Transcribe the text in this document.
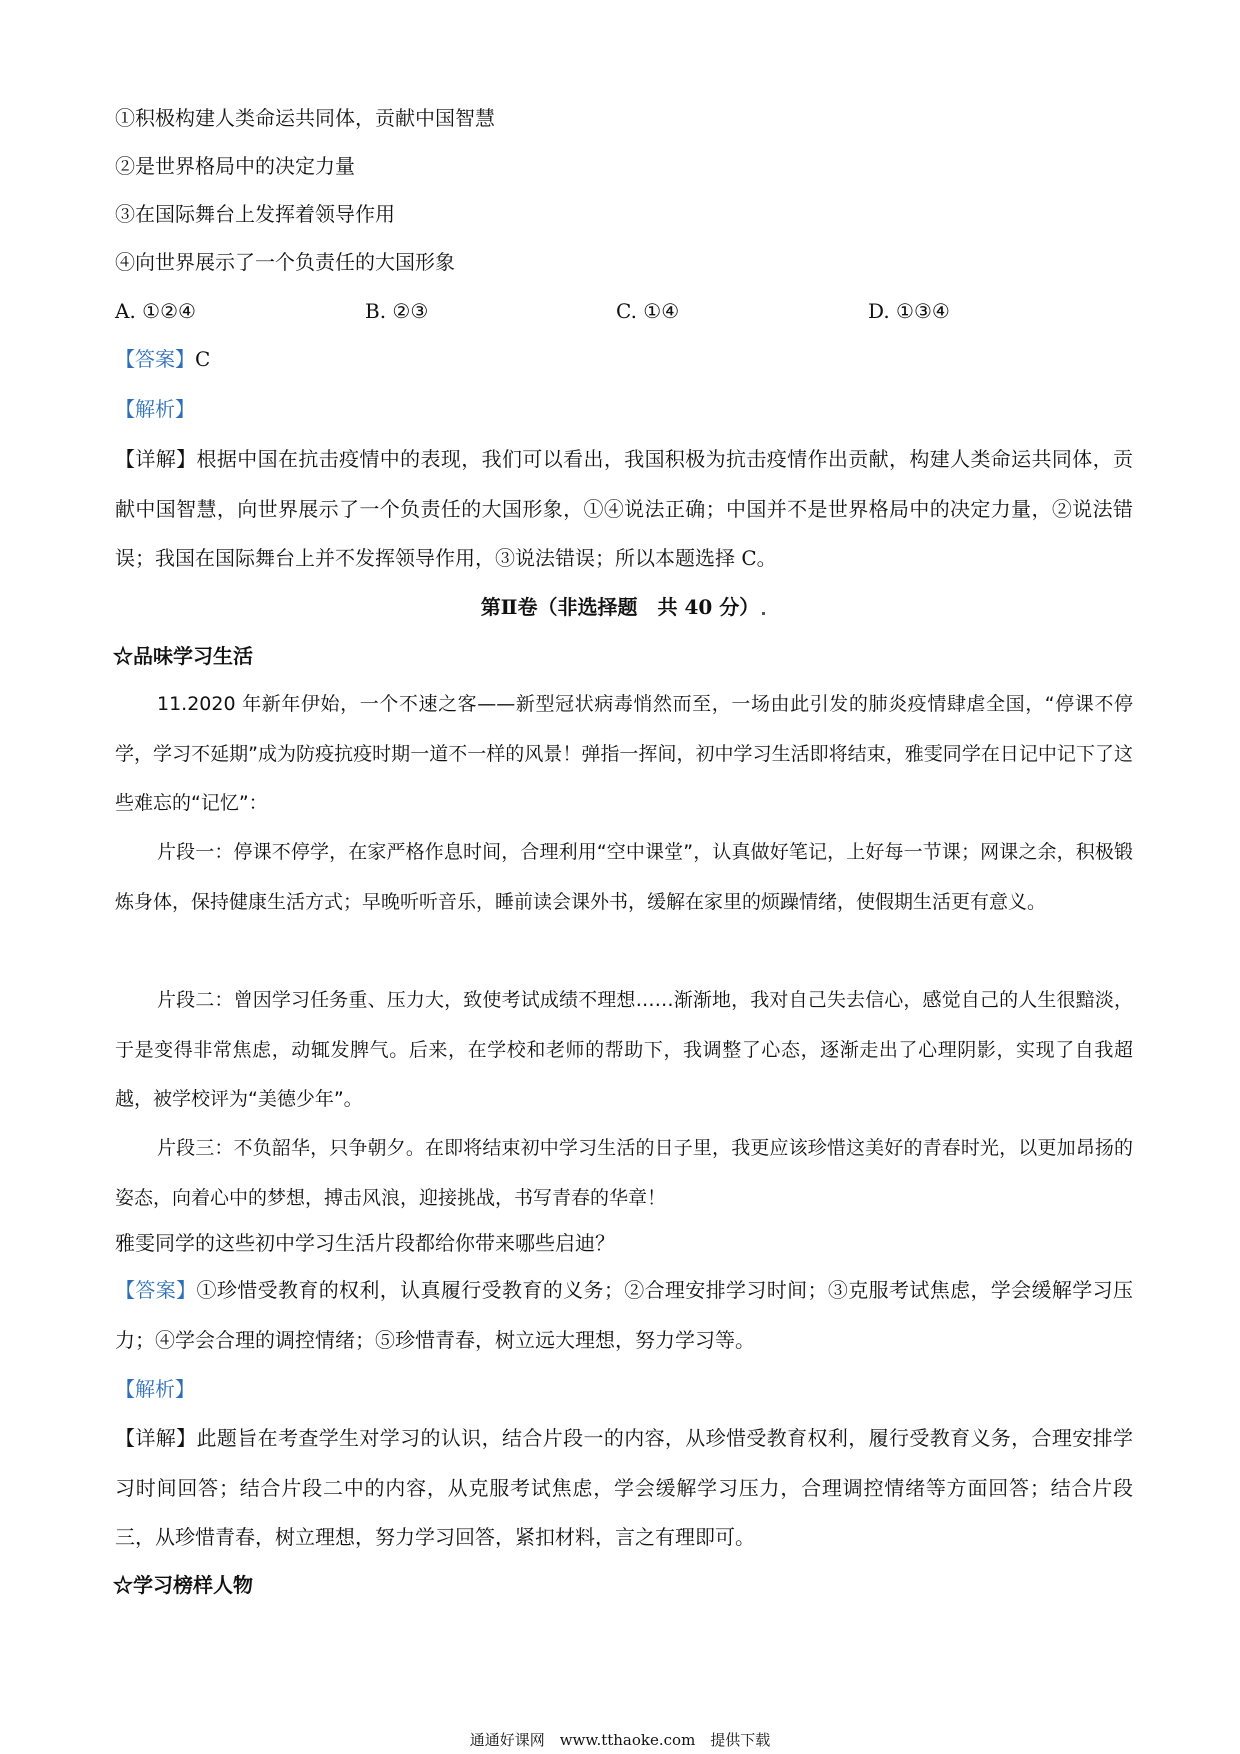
①积极构建人类命运共同体，贡献中国智慧
②是世界格局中的决定力量
③在国际舞台上发挥着领导作用
④向世界展示了一个负责任的大国形象
A. ①②④	B. ②③	C. ①④	D. ①③④
【答案】C
【解析】
【详解】根据中国在抗击疫情中的表现，我们可以看出，我国积极为抗击疫情作出贡献，构建人类命运共同体，贡献中国智慧，向世界展示了一个负责任的大国形象，①④说法正确；中国并不是世界格局中的决定力量，②说法错误；我国在国际舞台上并不发挥领导作用，③说法错误；所以本题选择 C。
第Ⅱ卷（非选择题　共 40 分）
☆品味学习生活
11.2020 年新年伊始，一个不速之客——新型冠状病毒悄然而至，一场由此引发的肺炎疫情肆虐全国，“停课不停学，学习不延期”成为防疫抗疫时期一道不一样的风景！弹指一挥间，初中学习生活即将结束，雅雯同学在日记中记下了这些难忘的“记忆”：
片段一：停课不停学，在家严格作息时间，合理利用“空中课堂”，认真做好笔记，上好每一节课；网课之余，积极锻炼身体，保持健康生活方式；早晚听听音乐，睡前读会课外书，缓解在家里的烦躁情绪，使假期生活更有意义。
片段二：曾因学习任务重、压力大，致使考试成绩不理想……渐渐地，我对自己失去信心，感觉自己的人生很黯淡，于是变得非常焦虑，动辄发脾气。后来，在学校和老师的帮助下，我调整了心态，逐渐走出了心理阴影，实现了自我超越，被学校评为“美德少年”。
片段三：不负韶华，只争朝夕。在即将结束初中学习生活的日子里，我更应该珍惜这美好的青春时光，以更加昂扬的姿态，向着心中的梦想，搏击风浪，迎接挑战，书写青春的华章！
雅雯同学的这些初中学习生活片段都给你带来哪些启迪？
【答案】①珍惜受教育的权利，认真履行受教育的义务；②合理安排学习时间；③克服考试焦虑，学会缓解学习压力；④学会合理的调控情绪；⑤珍惜青春，树立远大理想，努力学习等。
【解析】
【详解】此题旨在考查学生对学习的认识，结合片段一的内容，从珍惜受教育权利，履行受教育义务，合理安排学习时间回答；结合片段二中的内容，从克服考试焦虑，学会缓解学习压力，合理调控情绪等方面回答；结合片段三，从珍惜青春，树立理想，努力学习回答，紧扣材料，言之有理即可。
☆学习榜样人物
通通好课网　www.tthaoke.com　提供下载
